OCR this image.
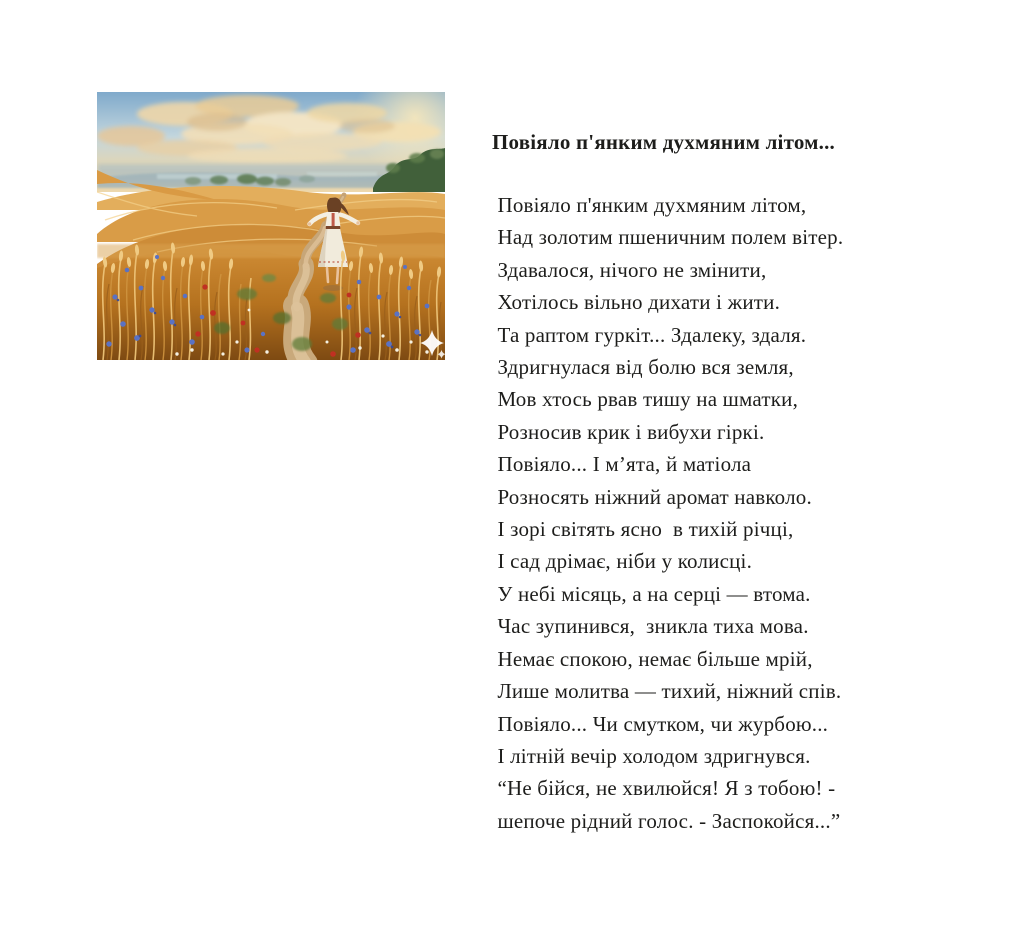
Повіяло п'янким духмяним літом...
Повіяло п'янким духмяним літом,
Над золотим пшеничним полем вітер.
Здавалося, нічого не змінити,
Хотілось вільно дихати і жити.
Та раптом гуркіт... Здалеку, здаля.
Здригнулася від болю вся земля,
Мов хтось рвав тишу на шматки,
Розносив крик і вибухи гіркі.
Повіяло... І м’ята, й матіола
Розносять ніжний аромат навколо.
І зорі світять ясно  в тихій річці,
І сад дрімає, ніби у колисці.
У небі місяць, а на серці — втома.
Час зупинився,  зникла тиха мова.
Немає спокою, немає більше мрій,
Лише молитва — тихий, ніжний спів.
Повіяло... Чи смутком, чи журбою...
І літній вечір холодом здригнувся.
“Не бійся, не хвилюйся! Я з тобою! -
шепоче рідний голос. - Заспокойся...”
